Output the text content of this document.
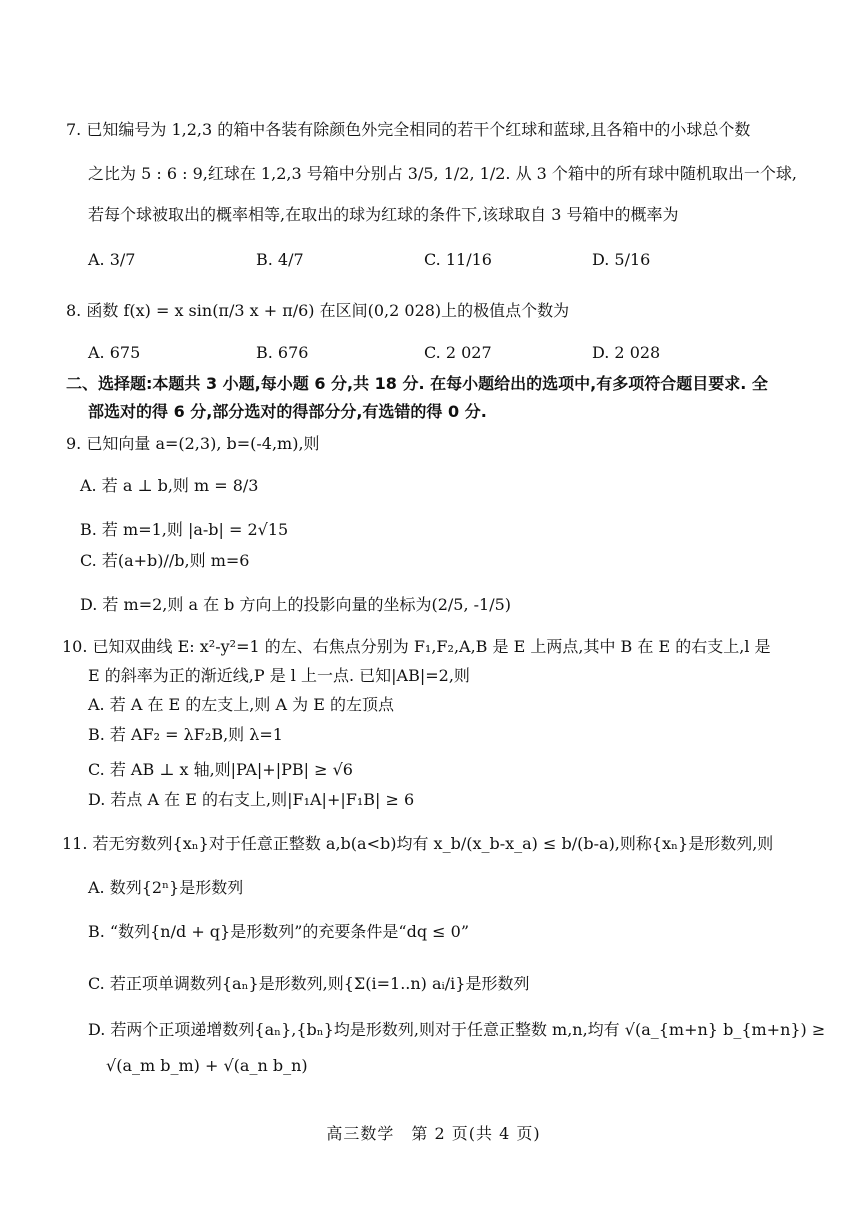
7. 已知编号为 1,2,3 的箱中各装有除颜色外完全相同的若干个红球和蓝球,且各箱中的小球总个数
之比为 5 : 6 : 9,红球在 1,2,3 号箱中分别占 3/5, 1/2, 1/2. 从 3 个箱中的所有球中随机取出一个球,
若每个球被取出的概率相等,在取出的球为红球的条件下,该球取自 3 号箱中的概率为
A. 3/7	B. 4/7	C. 11/16	D. 5/16
8. 函数 f(x) = x sin(π/3 x + π/6) 在区间(0,2 028)上的极值点个数为
A. 675	B. 676	C. 2 027	D. 2 028
二、选择题:本题共 3 小题,每小题 6 分,共 18 分. 在每小题给出的选项中,有多项符合题目要求. 全
部选对的得 6 分,部分选对的得部分分,有选错的得 0 分.
9. 已知向量 a=(2,3), b=(-4,m),则
A. 若 a ⊥ b,则 m = 8/3
B. 若 m=1,则 |a-b| = 2√15
C. 若(a+b)//b,则 m=6
D. 若 m=2,则 a 在 b 方向上的投影向量的坐标为(2/5, -1/5)
10. 已知双曲线 E: x²-y²=1 的左、右焦点分别为 F₁,F₂,A,B 是 E 上两点,其中 B 在 E 的右支上,l 是
E 的斜率为正的渐近线,P 是 l 上一点. 已知|AB|=2,则
A. 若 A 在 E 的左支上,则 A 为 E 的左顶点
B. 若 AF₂ = λF₂B,则 λ=1
C. 若 AB ⊥ x 轴,则|PA|+|PB| ≥ √6
D. 若点 A 在 E 的右支上,则|F₁A|+|F₁B| ≥ 6
11. 若无穷数列{xₙ}对于任意正整数 a,b(a<b)均有 x_b/(x_b-x_a) ≤ b/(b-a),则称{xₙ}是形数列,则
A. 数列{2ⁿ}是形数列
B. “数列{n/d + q}是形数列”的充要条件是“dq ≤ 0”
C. 若正项单调数列{aₙ}是形数列,则{Σ(i=1..n) aᵢ/i}是形数列
D. 若两个正项递增数列{aₙ},{bₙ}均是形数列,则对于任意正整数 m,n,均有 √(a_{m+n} b_{m+n}) ≥
√(a_m b_m) + √(a_n b_n)
高三数学　第 2 页(共 4 页)
